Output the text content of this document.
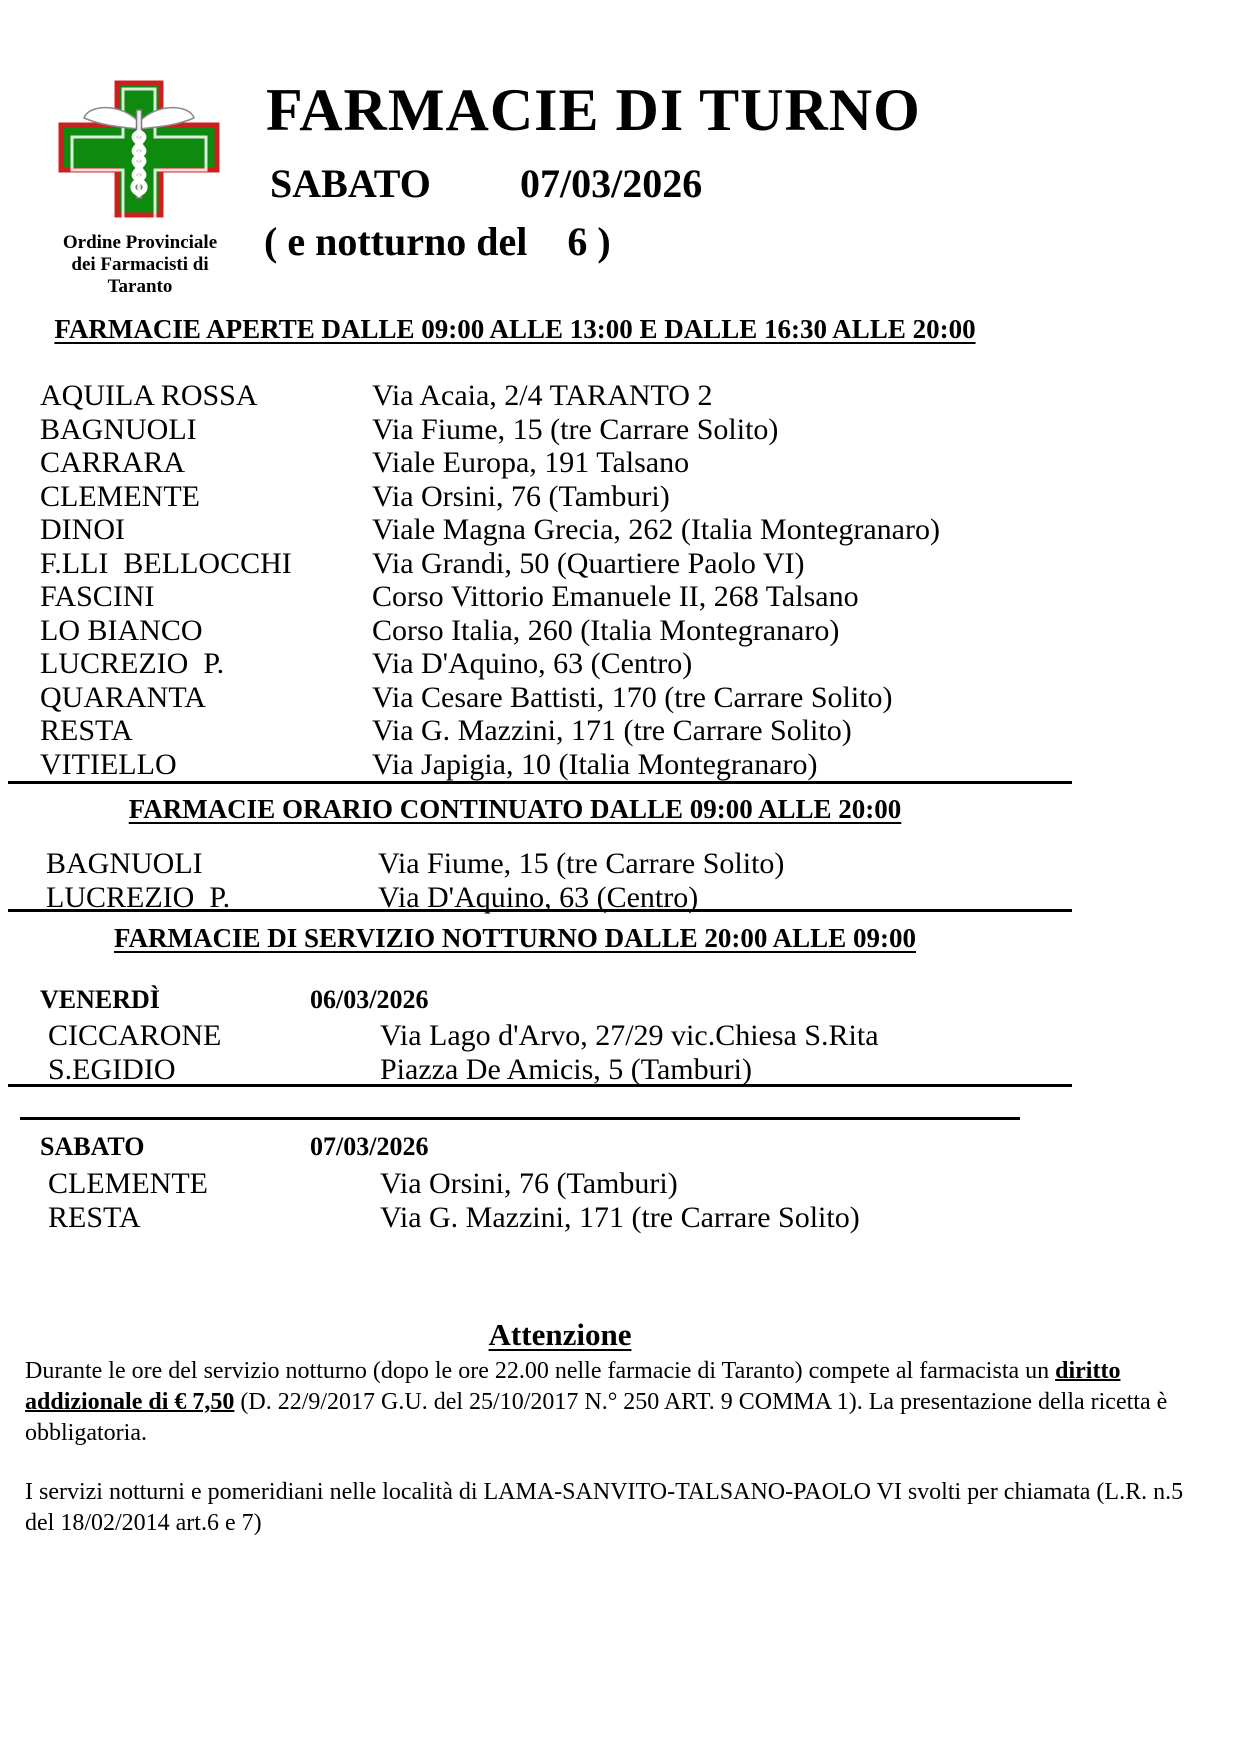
Ordine Provinciale
dei Farmacisti di
Taranto
FARMACIE DI TURNO
SABATO	07/03/2026
( e notturno del    6 )
FARMACIE APERTE DALLE 09:00 ALLE 13:00 E DALLE 16:30 ALLE 20:00
AQUILA ROSSA	Via Acaia, 2/4 TARANTO 2
BAGNUOLI	Via Fiume, 15 (tre Carrare Solito)
CARRARA	Viale Europa, 191 Talsano
CLEMENTE	Via Orsini, 76 (Tamburi)
DINOI	Viale Magna Grecia, 262 (Italia Montegranaro)
F.LLI  BELLOCCHI	Via Grandi, 50 (Quartiere Paolo VI)
FASCINI	Corso Vittorio Emanuele II, 268 Talsano
LO BIANCO	Corso Italia, 260 (Italia Montegranaro)
LUCREZIO  P.	Via D'Aquino, 63 (Centro)
QUARANTA	Via Cesare Battisti, 170 (tre Carrare Solito)
RESTA	Via G. Mazzini, 171 (tre Carrare Solito)
VITIELLO	Via Japigia, 10 (Italia Montegranaro)
FARMACIE ORARIO CONTINUATO DALLE 09:00 ALLE 20:00
BAGNUOLI	Via Fiume, 15 (tre Carrare Solito)
LUCREZIO  P.	Via D'Aquino, 63 (Centro)
FARMACIE DI SERVIZIO NOTTURNO DALLE 20:00 ALLE 09:00
VENERDÌ	06/03/2026
CICCARONE	Via Lago d'Arvo, 27/29 vic.Chiesa S.Rita
S.EGIDIO	Piazza De Amicis, 5 (Tamburi)
SABATO	07/03/2026
CLEMENTE	Via Orsini, 76 (Tamburi)
RESTA	Via G. Mazzini, 171 (tre Carrare Solito)
Attenzione

Durante le ore del servizio notturno (dopo le ore 22.00 nelle farmacie di Taranto) compete al farmacista un diritto addizionale di € 7,50 (D. 22/9/2017 G.U. del 25/10/2017 N.° 250 ART. 9 COMMA 1). La presentazione della ricetta è obbligatoria.

I servizi notturni e pomeridiani nelle località di LAMA-SANVITO-TALSANO-PAOLO VI svolti per chiamata (L.R. n.5 del 18/02/2014 art.6 e 7)
